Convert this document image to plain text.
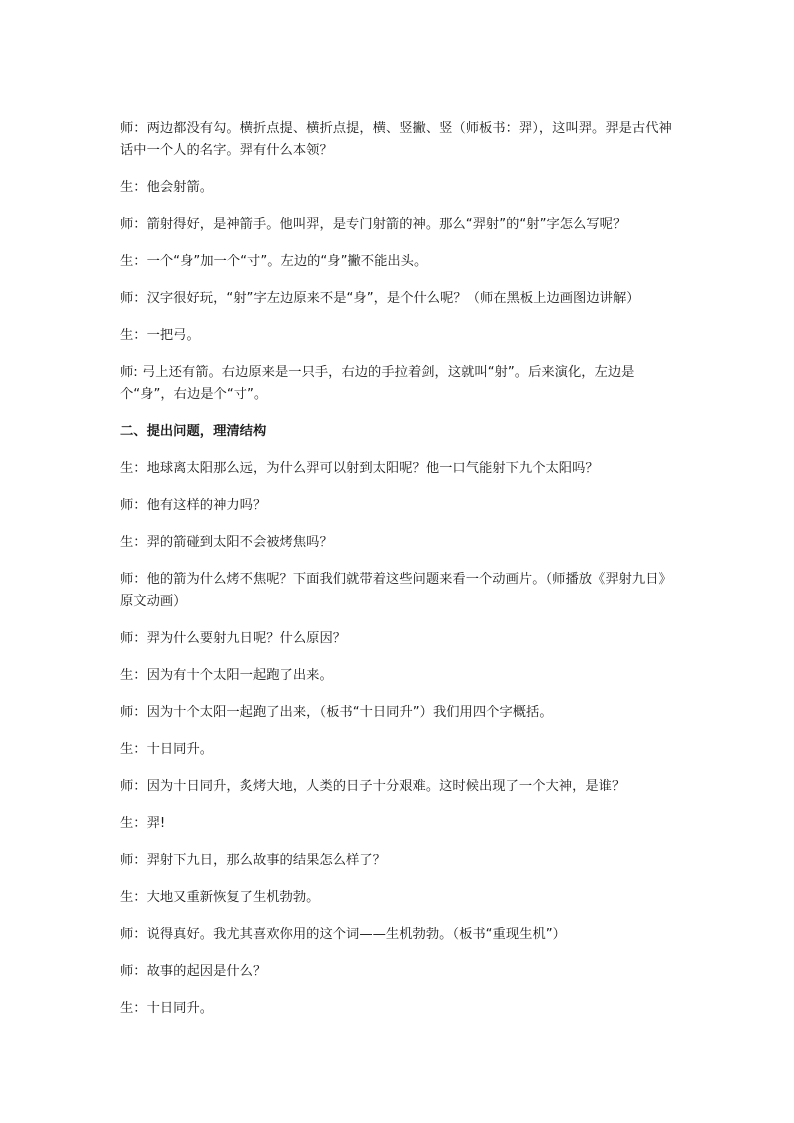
师：两边都没有勾。横折点提、横折点提，横、竖撇、竖（师板书：羿），这叫羿。羿是古代神话中一个人的名字。羿有什么本领？

生：他会射箭。

师：箭射得好，是神箭手。他叫羿，是专门射箭的神。那么“羿射”的“射”字怎么写呢？

生：一个“身”加一个“寸”。左边的“身”撇不能出头。

师：汉字很好玩，“射”字左边原来不是“身”，是个什么呢？（师在黑板上边画图边讲解）

生：一把弓。

师: 弓上还有箭。右边原来是一只手，右边的手拉着剑，这就叫“射”。后来演化，左边是个“身”，右边是个“寸”。

二、提出问题，理清结构

生：地球离太阳那么远，为什么羿可以射到太阳呢？他一口气能射下九个太阳吗？

师：他有这样的神力吗？

生：羿的箭碰到太阳不会被烤焦吗？

师：他的箭为什么烤不焦呢？下面我们就带着这些问题来看一个动画片。（师播放《羿射九日》原文动画）

师：羿为什么要射九日呢？什么原因？

生：因为有十个太阳一起跑了出来。

师：因为十个太阳一起跑了出来，（板书“十日同升”）我们用四个字概括。

生：十日同升。

师：因为十日同升，炙烤大地，人类的日子十分艰难。这时候出现了一个大神，是谁？

生：羿!

师：羿射下九日，那么故事的结果怎么样了？

生：大地又重新恢复了生机勃勃。

师：说得真好。我尤其喜欢你用的这个词——生机勃勃。（板书“重现生机”）

师：故事的起因是什么？

生：十日同升。
